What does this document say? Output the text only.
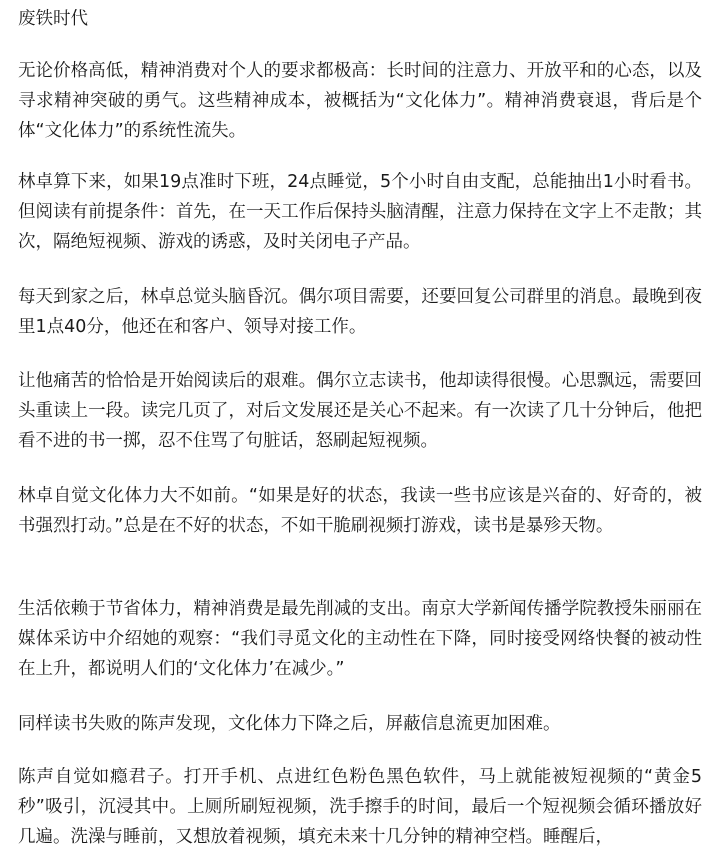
废铁时代

无论价格高低，精神消费对个人的要求都极高：长时间的注意力、开放平和的心态，以及寻求精神突破的勇气。这些精神成本，被概括为“文化体力”。精神消费衰退，背后是个体“文化体力”的系统性流失。

林卓算下来，如果19点准时下班，24点睡觉，5个小时自由支配，总能抽出1小时看书。但阅读有前提条件：首先，在一天工作后保持头脑清醒，注意力保持在文字上不走散；其次，隔绝短视频、游戏的诱惑，及时关闭电子产品。

每天到家之后，林卓总觉头脑昏沉。偶尔项目需要，还要回复公司群里的消息。最晚到夜里1点40分，他还在和客户、领导对接工作。

让他痛苦的恰恰是开始阅读后的艰难。偶尔立志读书，他却读得很慢。心思飘远，需要回头重读上一段。读完几页了，对后文发展还是关心不起来。有一次读了几十分钟后，他把看不进的书一掷，忍不住骂了句脏话，怒刷起短视频。

林卓自觉文化体力大不如前。“如果是好的状态，我读一些书应该是兴奋的、好奇的，被书强烈打动。”总是在不好的状态，不如干脆刷视频打游戏，读书是暴殄天物。

生活依赖于节省体力，精神消费是最先削减的支出。南京大学新闻传播学院教授朱丽丽在媒体采访中介绍她的观察：“我们寻觅文化的主动性在下降，同时接受网络快餐的被动性在上升，都说明人们的‘文化体力’在减少。”

同样读书失败的陈声发现，文化体力下降之后，屏蔽信息流更加困难。

陈声自觉如瘾君子。打开手机、点进红色粉色黑色软件，马上就能被短视频的“黄金5秒”吸引，沉浸其中。上厕所刷短视频，洗手擦手的时间，最后一个短视频会循环播放好几遍。洗澡与睡前，又想放着视频，填充未来十几分钟的精神空档。睡醒后，
